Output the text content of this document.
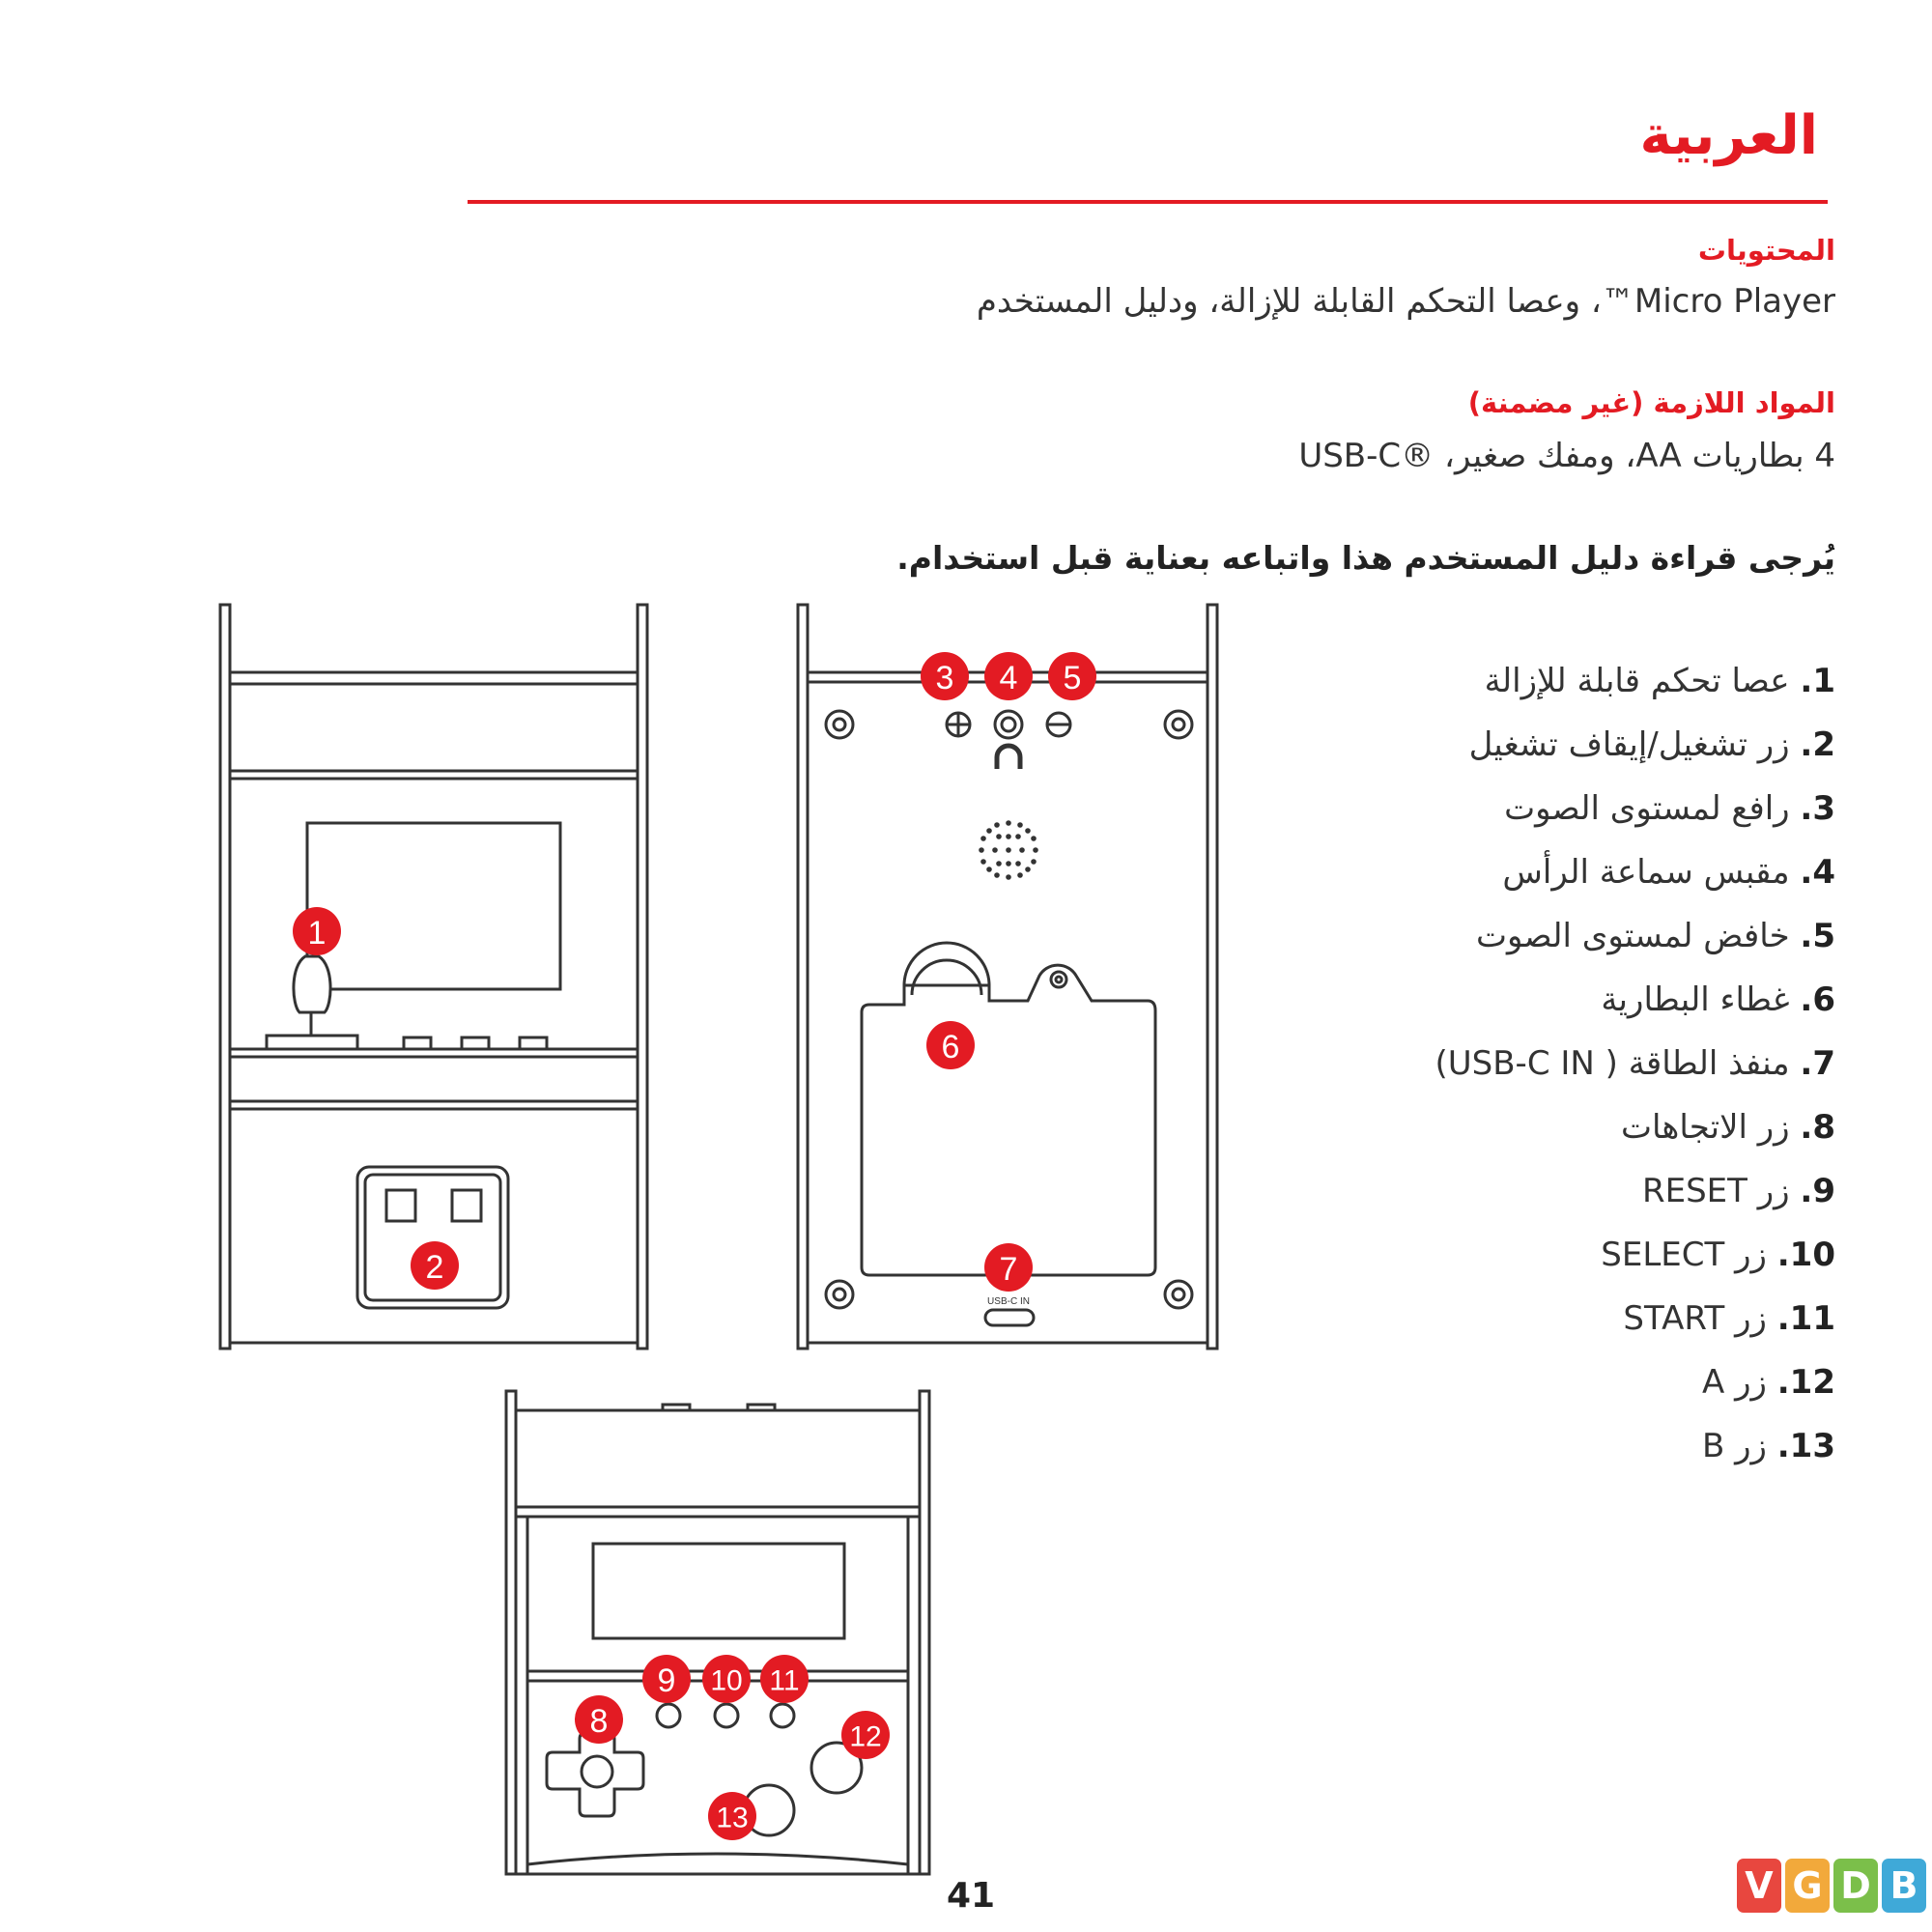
العربية
المحتويات
Micro Player™، وعصا التحكم القابلة للإزالة، ودليل المستخدم
المواد اللازمة (غير مضمنة)
4 بطاريات AA، ومفك صغير، ®USB-C
يُرجى قراءة دليل المستخدم هذا واتباعه بعناية قبل استخدام.
1. عصا تحكم قابلة للإزالة
2. زر تشغيل/إيقاف تشغيل
3. رافع لمستوى الصوت
4. مقبس سماعة الرأس
5. خافض لمستوى الصوت
6. غطاء البطارية
7. منفذ الطاقة ( USB-C IN)
8. زر الاتجاهات
9. زر RESET
10. زر SELECT
11. زر START
12. زر A
13. زر B
USB-C IN
1
2
3 4 5
6
7
8
9 10 11
12
13
41	V G D B
